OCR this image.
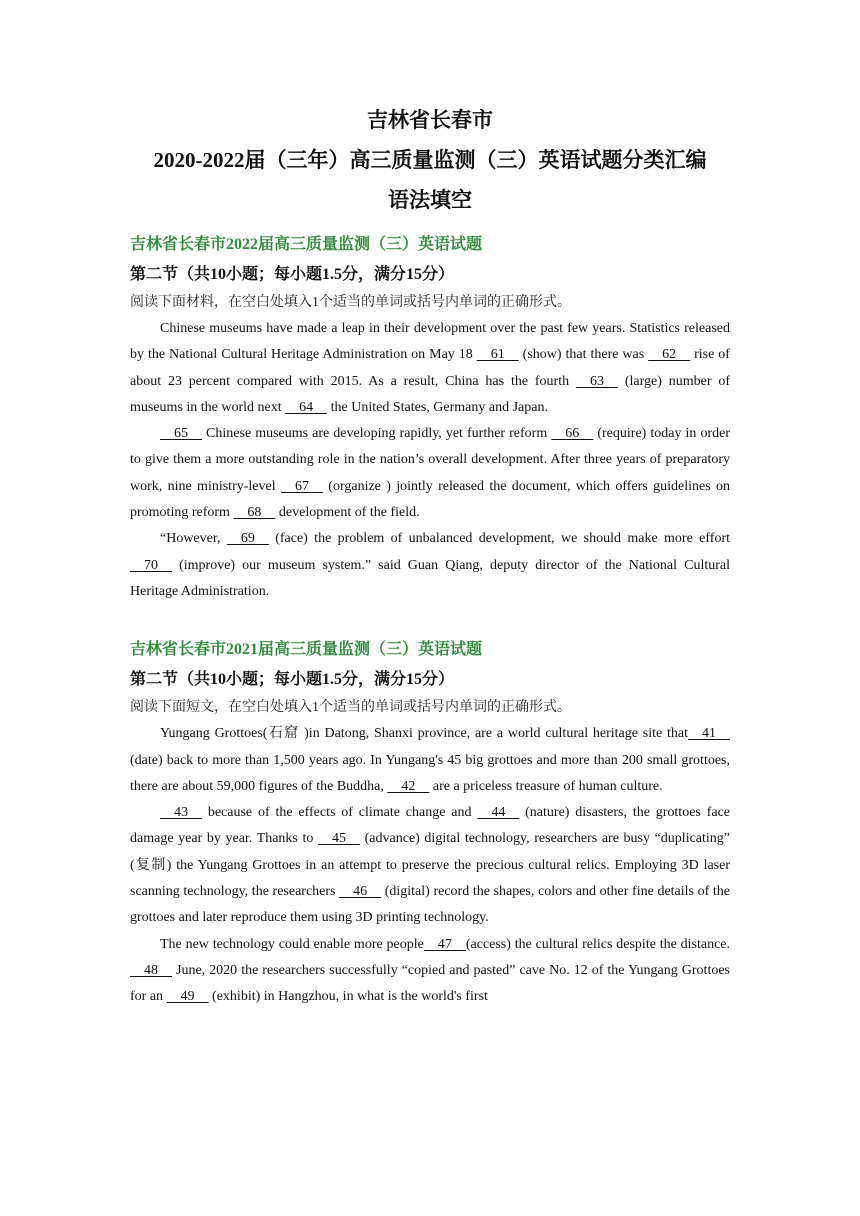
吉林省长春市
2020-2022届（三年）高三质量监测（三）英语试题分类汇编
语法填空
吉林省长春市2022届高三质量监测（三）英语试题
第二节（共10小题；每小题1.5分，满分15分）
阅读下面材料，在空白处填入1个适当的单词或括号内单词的正确形式。

Chinese museums have made a leap in their development over the past few years. Statistics released by the National Cultural Heritage Administration on May 18     61     (show) that there was     62     rise of about 23 percent compared with 2015. As a result, China has the fourth     63     (large) number of museums in the world next     64     the United States, Germany and Japan.

65     Chinese museums are developing rapidly, yet further reform     66     (require) today in order to give them a more outstanding role in the nation’s overall development. After three years of preparatory work, nine ministry-level     67     (organize ) jointly released the document, which offers guidelines on promoting reform     68     development of the field.

“However,     69     (face) the problem of unbalanced development, we should make more effort     70     (improve) our museum system.” said Guan Qiang, deputy director of the National Cultural Heritage Administration.

吉林省长春市2021届高三质量监测（三）英语试题
第二节（共10小题；每小题1.5分，满分15分）
阅读下面短文，在空白处填入1个适当的单词或括号内单词的正确形式。

Yungang Grottoes(石窟 )in Datong, Shanxi province, are a world cultural heritage site that    41    (date) back to more than 1,500 years ago. In Yungang's 45 big grottoes and more than 200 small grottoes, there are about 59,000 figures of the Buddha,     42     are a priceless treasure of human culture.

43     because of the effects of climate change and     44     (nature) disasters, the grottoes face damage year by year. Thanks to     45     (advance) digital technology, researchers are busy “duplicating” (复制) the Yungang Grottoes in an attempt to preserve the precious cultural relics. Employing 3D laser scanning technology, the researchers     46     (digital) record the shapes, colors and other fine details of the grottoes and later reproduce them using 3D printing technology.

The new technology could enable more people    47    (access) the cultural relics despite the distance.     48     June, 2020 the researchers successfully “copied and pasted” cave No. 12 of the Yungang Grottoes for an     49     (exhibit) in Hangzhou, in what is the world's first
